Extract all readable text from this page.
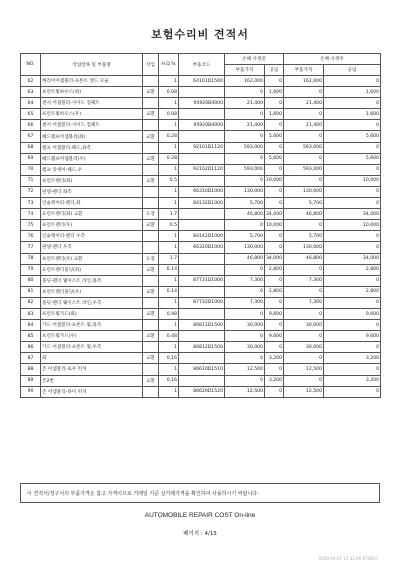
보험수리비 견적서
NO.	작업항목 및 부품명	작업	H.Q.%	부품코드	손해 사정전		손해 사정후	
					부품가격	공임	부품가격	공임
62	캐리어어셈블리-프론트 엔드 모듈		1	64101D1500	162,000	0	162,000	0
63	프런트휠하우스(좌)	교환	0.08		0	1,600	0	1,600
64	센서 어셈블리-사이드 컴팩트		1	95920B4000	21,400	0	21,400	0
65	프런트휠하우스(우)	교환	0.08		0	1,600	0	1,600
66	센서 어셈블리-사이드 컴팩트		1	95920B4000	21,400	0	21,400	0
67	헤드램프어셈블리(좌)	교환	0.28		0	5,600	0	5,600
68	램프 어셈블리-헤드,좌측		1	92101D1120	593,000	0	593,000	0
69	헤드램프어셈블리(우)	교환	0.28		0	5,600	0	5,600
70	램프 앗세이-헤드,우		1	92102D1120	593,000	0	593,000	0
71	프런트펜더(좌)	교환	0.5		0	10,000	0	10,000
72	판넬-펜더 좌측		1	66310D1000	130,000	0	130,000	0
73	인슐레이터-펜더,좌		1	84132D1000	5,700	0	5,700	0
74	프런트펜더(좌) 교환	도장	1.7		46,800	34,000	46,800	34,000
75	프런트펜더(우)	교환	0.5		0	10,000	0	10,000
76	인슐레이터-펜더 우측		1	84142D1000	5,700	0	5,700	0
77	판넬-펜더 우측		1	66320D1000	130,000	0	130,000	0
78	프런트펜더(우) 교환	도장	1.7		46,800	34,000	46,800	34,000
79	프런트펜더몰딩(좌)	교환	0.14		0	2,800	0	2,800
80	몰딩-펜더 웨이스트 라인,좌측		1	87731D1000	7,300	0	7,300	0
81	프런트펜더몰딩(우)	교환	0.14		0	2,800	0	2,800
82	몰딩-펜더 웨이스트 라인,우측		1	87732D1000	7,300	0	7,300	0
83	프런트휠가드(좌)	교환	0.48		0	9,600	0	9,600
84	가드 어셈블리-프론트 휠,좌측		1	86811D1500	30,000	0	30,000	0
85	프런트휠가드(우)	교환	0.48		0	9,600	0	9,600
86	가드 어셈블리-프론트 휠,우측		1	86812D1500	30,000	0	30,000	0
87	좌	교환	0.16		0	3,200	0	3,200
88	존 어셈블리-로우 히치		1	86610D1510	12,500	0	12,500	0
89	존2번	교환	0.16		0	3,200	0	3,200
90	존 어셈블리-하이 히치		1	86620D1520	12,500	0	12,500	0
이 견적서/청구서의 부품가격은 참고 가격이므로 거래일 기준 실거래가격을 확인하여 사용하시기 바랍니다.
AUTOMOBILE REPAIR COST On-line
페이지 : 4/13
2023-04-07 15:32:46 R70817
